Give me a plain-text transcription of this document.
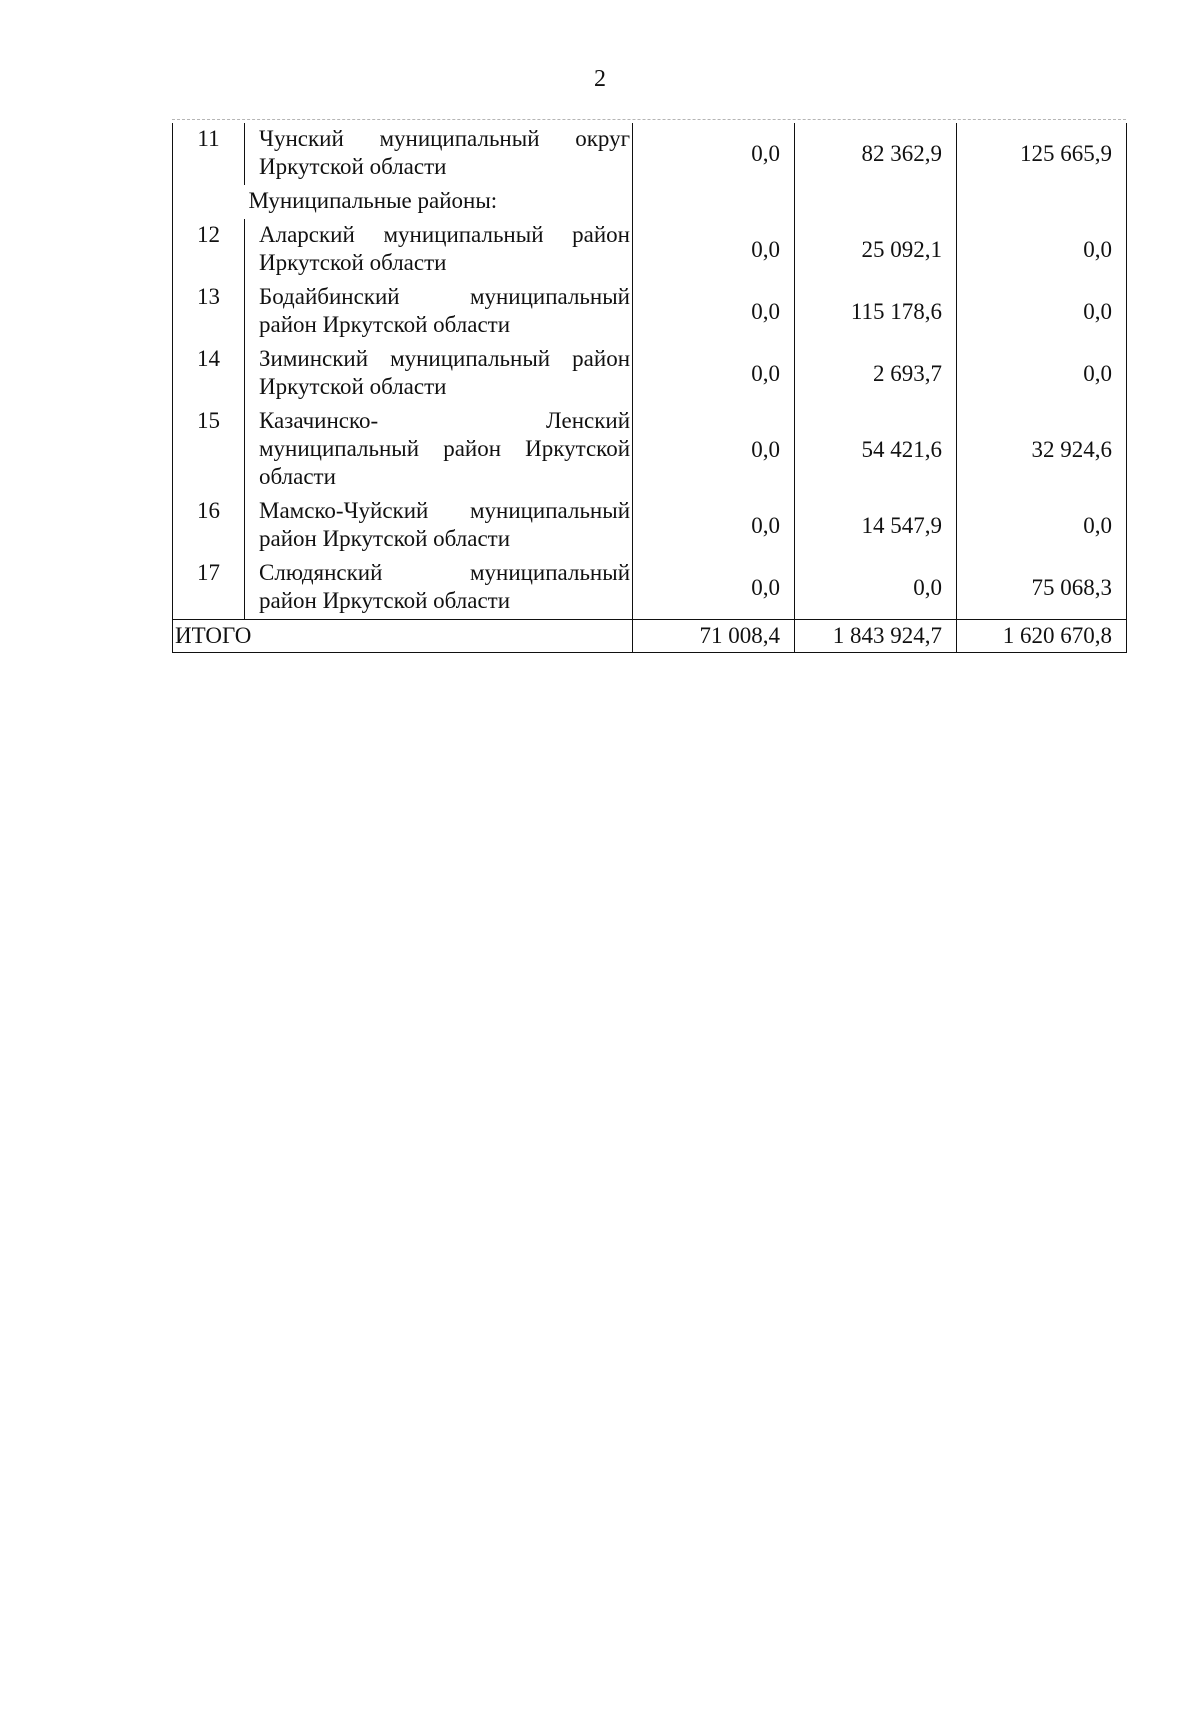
2
11	Чунский муниципальный округ
Иркутской области	0,0	82 362,9	125 665,9
	Муниципальные районы:			
12	Аларский муниципальный район
Иркутской области	0,0	25 092,1	0,0
13	Бодайбинский муниципальный
район Иркутской области	0,0	115 178,6	0,0
14	Зиминский муниципальный район
Иркутской области	0,0	2 693,7	0,0
15	Казачинско- Ленский
муниципальный район Иркутской
области	0,0	54 421,6	32 924,6
16	Мамско-Чуйский муниципальный
район Иркутской области	0,0	14 547,9	0,0
17	Слюдянский муниципальный
район Иркутской области	0,0	0,0	75 068,3
ИТОГО		71 008,4	1 843 924,7	1 620 670,8
